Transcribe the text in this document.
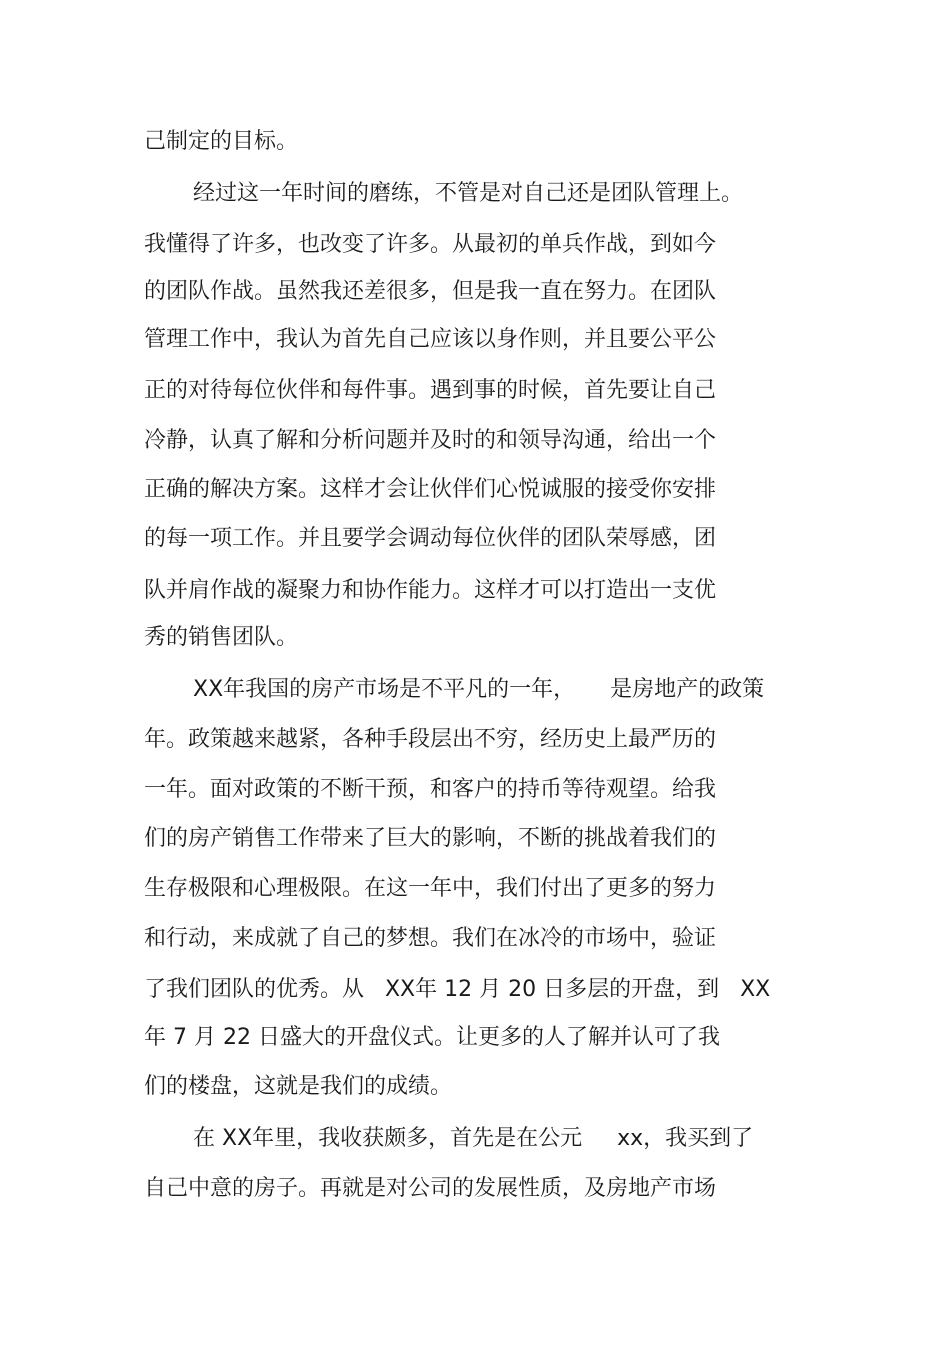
己制定的目标。

经过这一年时间的磨练，不管是对自己还是团队管理上。

我懂得了许多，也改变了许多。从最初的单兵作战，到如今

的团队作战。虽然我还差很多，但是我一直在努力。在团队

管理工作中，我认为首先自己应该以身作则，并且要公平公

正的对待每位伙伴和每件事。遇到事的时候，首先要让自己

冷静，认真了解和分析问题并及时的和领导沟通，给出一个

正确的解决方案。这样才会让伙伴们心悦诚服的接受你安排

的每一项工作。并且要学会调动每位伙伴的团队荣辱感，团

队并肩作战的凝聚力和协作能力。这样才可以打造出一支优

秀的销售团队。

XX年我国的房产市场是不平凡的一年，     是房地产的政策

年。政策越来越紧，各种手段层出不穷，经历史上最严历的

一年。面对政策的不断干预，和客户的持币等待观望。给我

们的房产销售工作带来了巨大的影响，不断的挑战着我们的

生存极限和心理极限。在这一年中，我们付出了更多的努力

和行动，来成就了自己的梦想。我们在冰冷的市场中，验证

了我们团队的优秀。从   XX年 12 月 20 日多层的开盘，到   XX

年 7 月 22 日盛大的开盘仪式。让更多的人了解并认可了我

们的楼盘，这就是我们的成绩。

在 XX年里，我收获颇多，首先是在公元     xx，我买到了

自己中意的房子。再就是对公司的发展性质，及房地产市场
